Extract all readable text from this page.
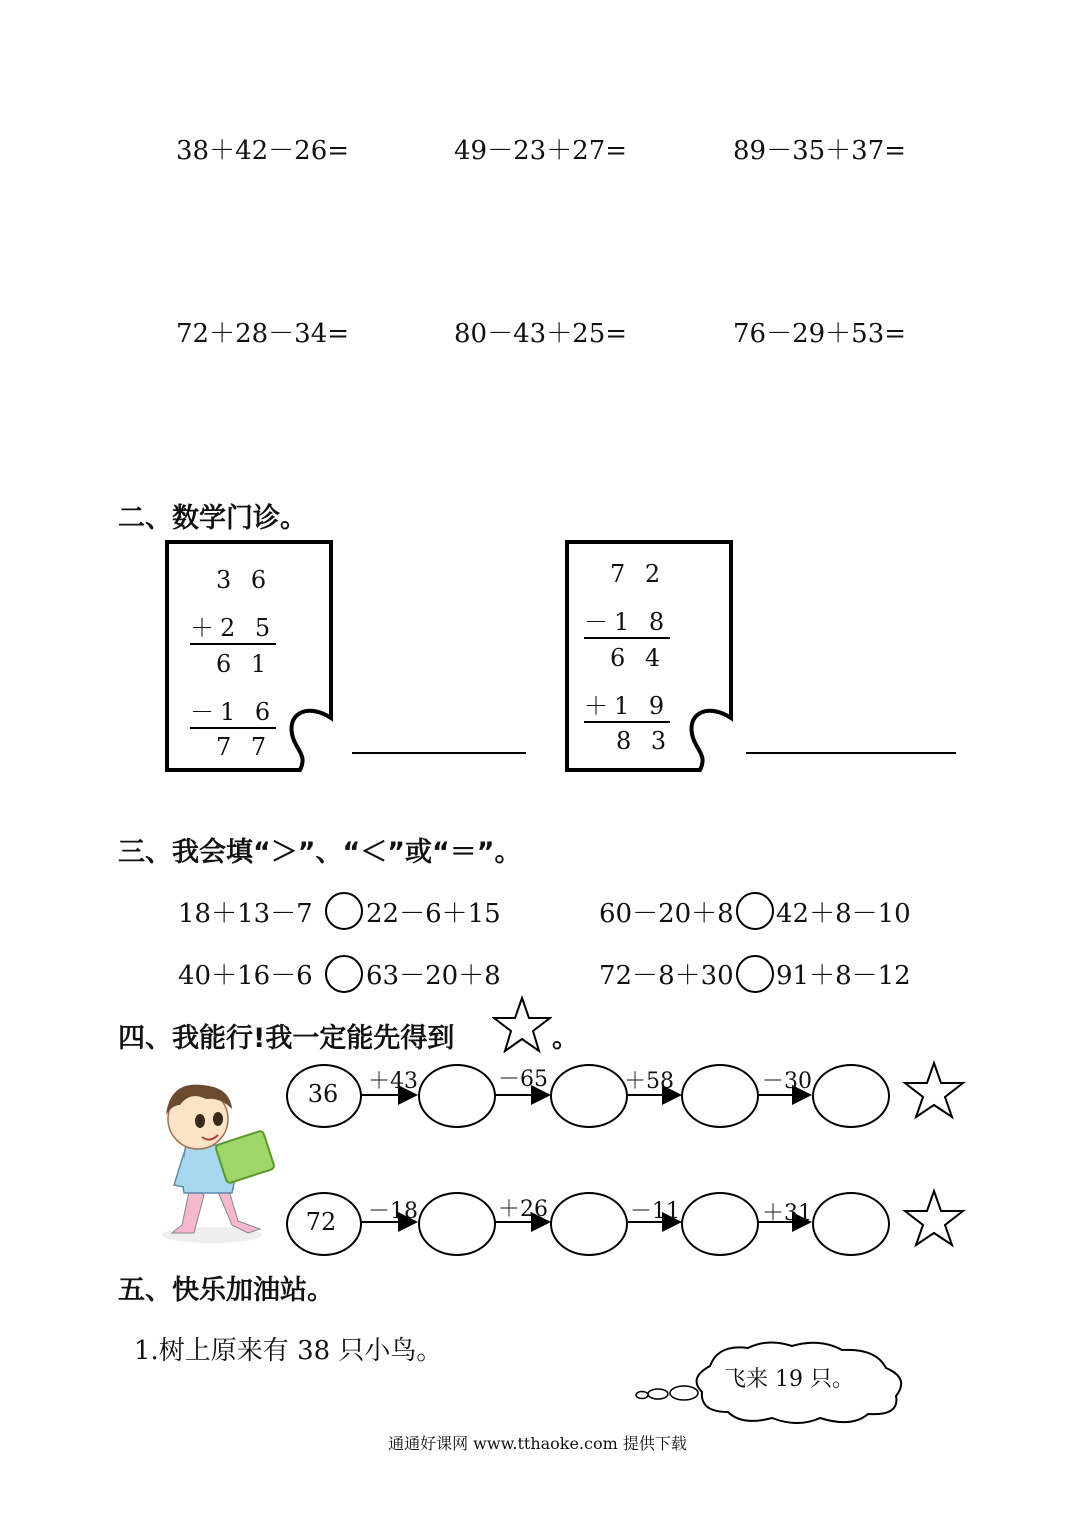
38＋42－26=	49－23＋27=	89－35＋37=
72＋28－34=	80－43＋25=	76－29＋53=
二、数学门诊。
3 6
＋2 5
6 1
－1 6
7 7
7 2
－1 8
6 4
＋1 9
8 3
三、我会填“＞”、“＜”或“＝”。
18＋13－7 22－6＋15	60－20＋8 42＋8－10
40＋16－6 63－20＋8	72－8＋30 91＋8－12
四、我能行!我一定能先得到	。
36	＋43	－65	＋58	－30
72	－18	＋26	－11	＋31
五、快乐加油站。
1.树上原来有 38 只小鸟。
飞来 19 只。
通通好课网 www.tthaoke.com 提供下载
